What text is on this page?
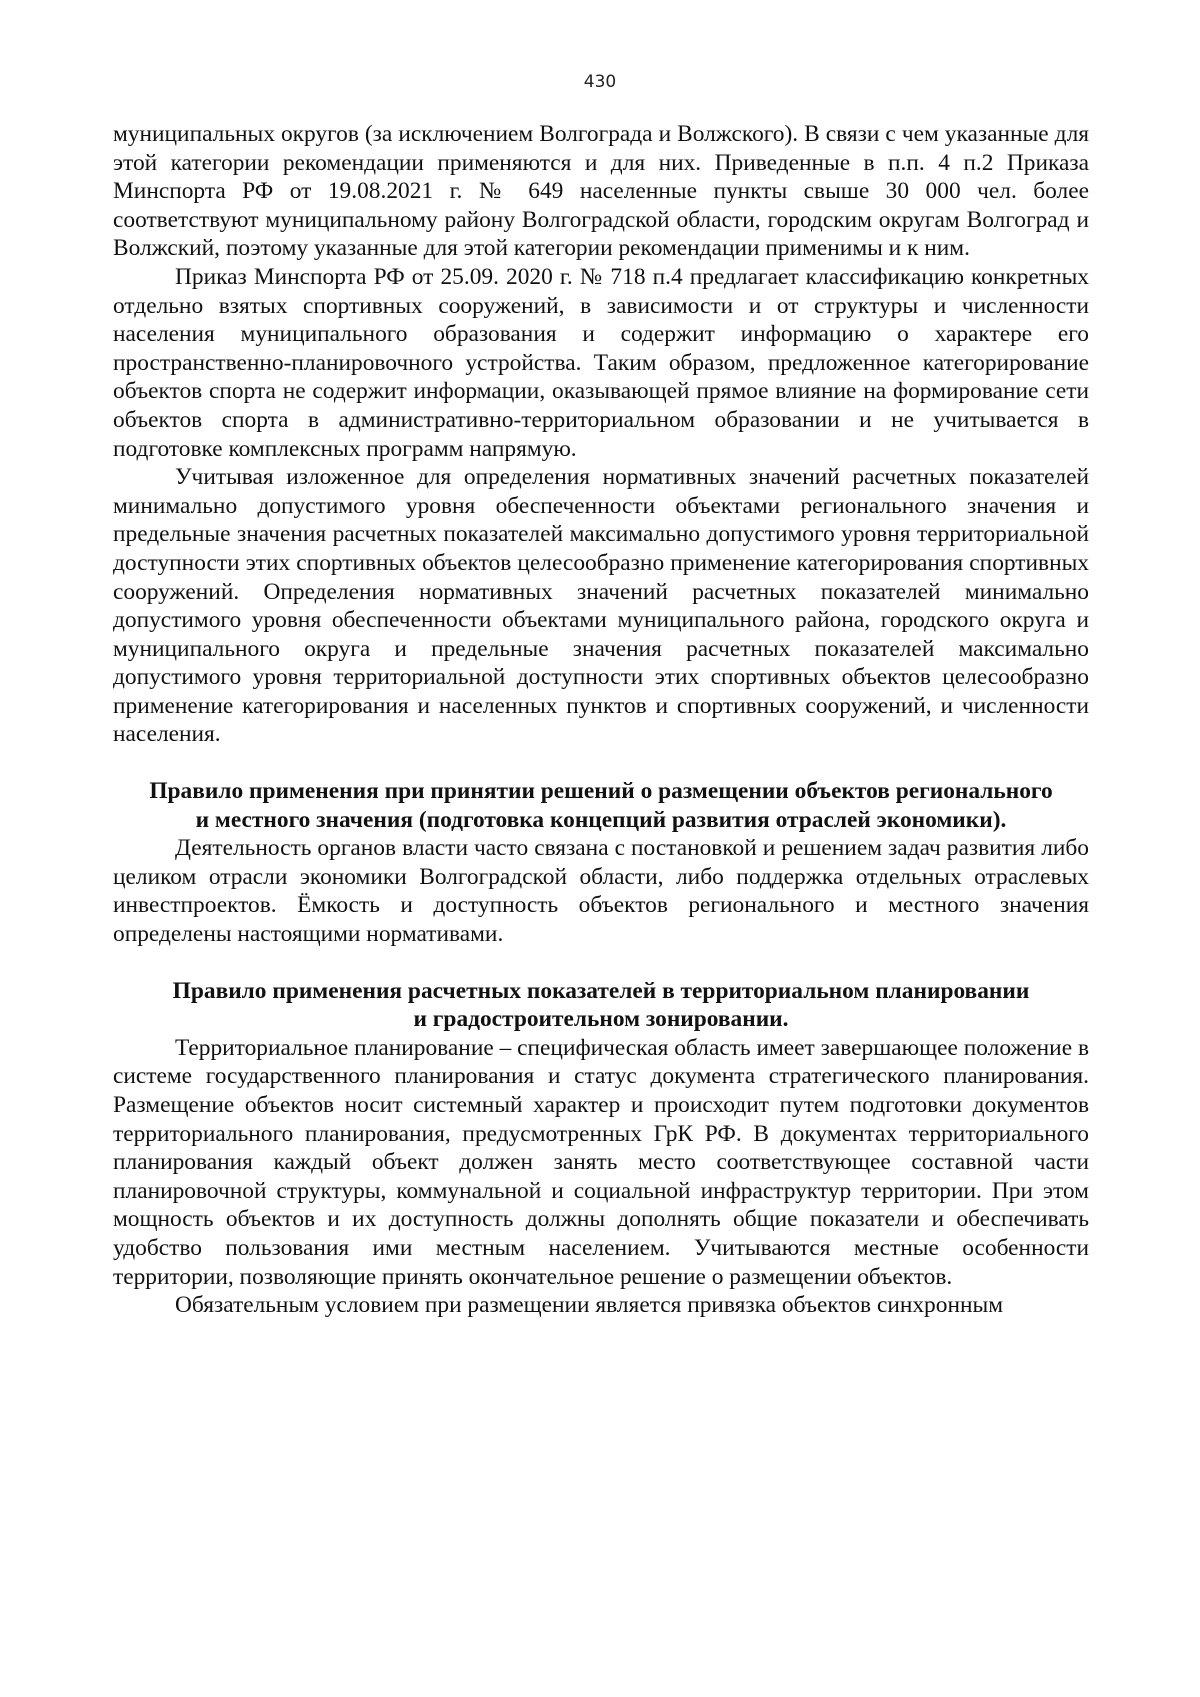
430

муниципальных округов (за исключением Волгограда и Волжского). В связи с чем указанные для этой категории рекомендации применяются и для них. Приведенные в п.п. 4 п.2 Приказа Минспорта РФ от 19.08.2021 г. № 649 населенные пункты свыше 30 000 чел. более соответствуют муниципальному району Волгоградской области, городским округам Волгоград и Волжский, поэтому указанные для этой категории рекомендации применимы и к ним.

Приказ Минспорта РФ от 25.09. 2020 г. № 718 п.4 предлагает классификацию конкретных отдельно взятых спортивных сооружений, в зависимости и от структуры и численности населения муниципального образования и содержит информацию о характере его пространственно-планировочного устройства. Таким образом, предложенное категорирование объектов спорта не содержит информации, оказывающей прямое влияние на формирование сети объектов спорта в административно-территориальном образовании и не учитывается в подготовке комплексных программ напрямую.

Учитывая изложенное для определения нормативных значений расчетных показателей минимально допустимого уровня обеспеченности объектами регионального значения и предельные значения расчетных показателей максимально допустимого уровня территориальной доступности этих спортивных объектов целесообразно применение категорирования спортивных сооружений. Определения нормативных значений расчетных показателей минимально допустимого уровня обеспеченности объектами муниципального района, городского округа и муниципального округа и предельные значения расчетных показателей максимально допустимого уровня территориальной доступности этих спортивных объектов целесообразно применение категорирования и населенных пунктов и спортивных сооружений, и численности населения.

Правило применения при принятии решений о размещении объектов регионального
и местного значения (подготовка концепций развития отраслей экономики).

Деятельность органов власти часто связана с постановкой и решением задач развития либо целиком отрасли экономики Волгоградской области, либо поддержка отдельных отраслевых инвестпроектов. Ёмкость и доступность объектов регионального и местного значения определены настоящими нормативами.

Правило применения расчетных показателей в территориальном планировании
и градостроительном зонировании.

Территориальное планирование – специфическая область имеет завершающее положение в системе государственного планирования и статус документа стратегического планирования. Размещение объектов носит системный характер и происходит путем подготовки документов территориального планирования, предусмотренных ГрК РФ. В документах территориального планирования каждый объект должен занять место соответствующее составной части планировочной структуры, коммунальной и социальной инфраструктур территории. При этом мощность объектов и их доступность должны дополнять общие показатели и обеспечивать удобство пользования ими местным населением. Учитываются местные особенности территории, позволяющие принять окончательное решение о размещении объектов.

Обязательным условием при размещении является привязка объектов синхронным
